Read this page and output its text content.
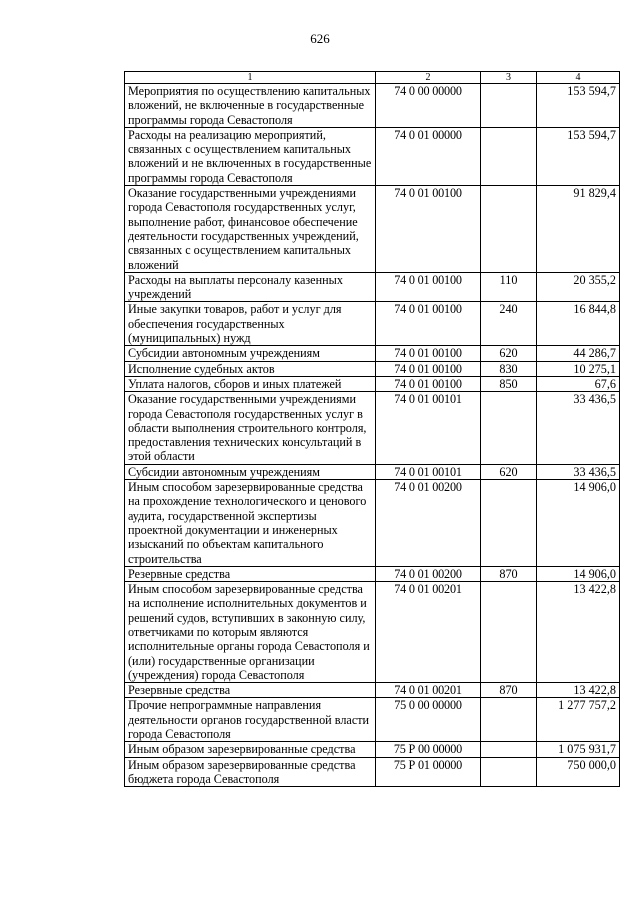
626
1	2	3	4
Мероприятия по осуществлению капитальных вложений, не включенные в государственные программы города Севастополя	74 0 00 00000		153 594,7
Расходы на реализацию мероприятий, связанных с осуществлением капитальных вложений и не включенных в государственные программы города Севастополя	74 0 01 00000		153 594,7
Оказание государственными учреждениями города Севастополя государственных услуг, выполнение работ, финансовое обеспечение деятельности государственных учреждений, связанных с осуществлением капитальных вложений	74 0 01 00100		91 829,4
Расходы на выплаты персоналу казенных учреждений	74 0 01 00100	110	20 355,2
Иные закупки товаров, работ и услуг для обеспечения государственных (муниципальных) нужд	74 0 01 00100	240	16 844,8
Субсидии автономным учреждениям	74 0 01 00100	620	44 286,7
Исполнение судебных актов	74 0 01 00100	830	10 275,1
Уплата налогов, сборов и иных платежей	74 0 01 00100	850	67,6
Оказание государственными учреждениями города Севастополя государственных услуг в области выполнения строительного контроля, предоставления технических консультаций в этой области	74 0 01 00101		33 436,5
Субсидии автономным учреждениям	74 0 01 00101	620	33 436,5
Иным способом зарезервированные средства на прохождение технологического и ценового аудита, государственной экспертизы проектной документации и инженерных изысканий по объектам капитального строительства	74 0 01 00200		14 906,0
Резервные средства	74 0 01 00200	870	14 906,0
Иным способом зарезервированные средства на исполнение исполнительных документов и решений судов, вступивших в законную силу, ответчиками по которым являются исполнительные органы города Севастополя и (или) государственные организации (учреждения) города Севастополя	74 0 01 00201		13 422,8
Резервные средства	74 0 01 00201	870	13 422,8
Прочие непрограммные направления деятельности органов государственной власти города Севастополя	75 0 00 00000		1 277 757,2
Иным образом зарезервированные средства	75 Р 00 00000		1 075 931,7
Иным образом зарезервированные средства бюджета города Севастополя	75 Р 01 00000		750 000,0
